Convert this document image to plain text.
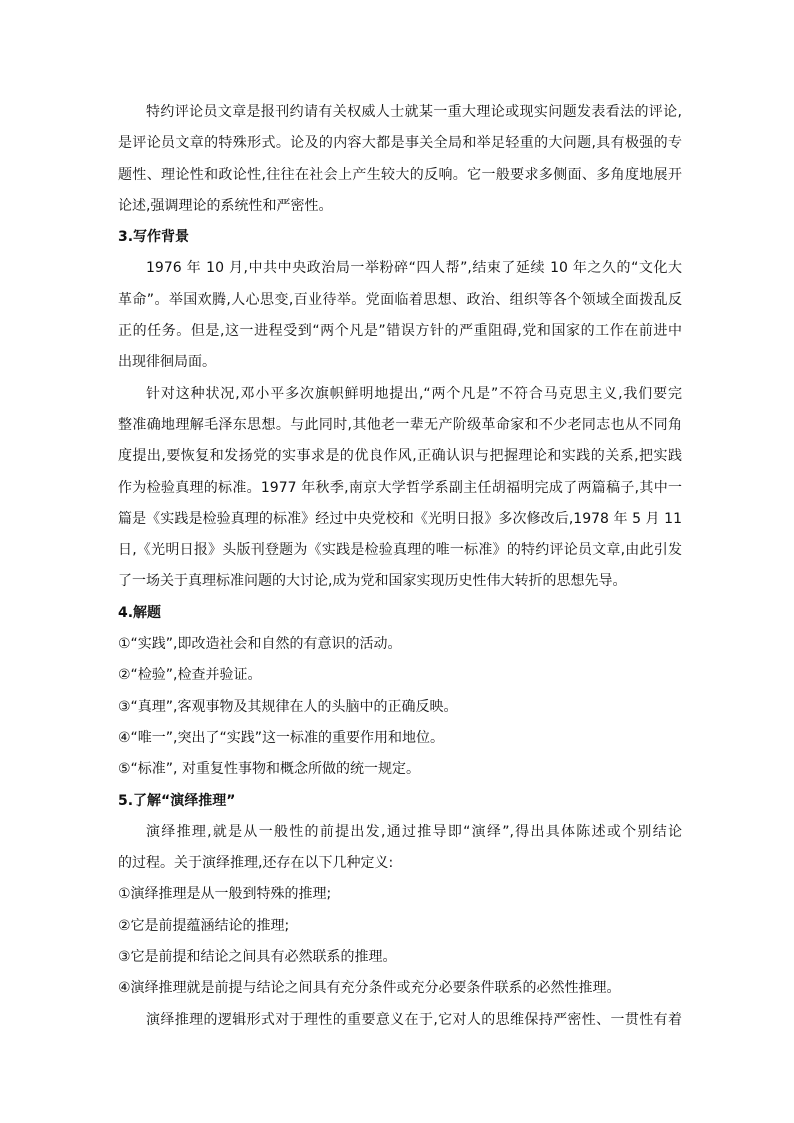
特约评论员文章是报刊约请有关权威人士就某一重大理论或现实问题发表看法的评论,
是评论员文章的特殊形式。论及的内容大都是事关全局和举足轻重的大问题,具有极强的专
题性、理论性和政论性,往往在社会上产生较大的反响。它一般要求多侧面、多角度地展开
论述,强调理论的系统性和严密性。
3.写作背景
1976 年 10 月,中共中央政治局一举粉碎“四人帮”,结束了延续 10 年之久的“文化大
革命”。举国欢腾,人心思变,百业待举。党面临着思想、政治、组织等各个领域全面拨乱反
正的任务。但是,这一进程受到“两个凡是”错误方针的严重阻碍,党和国家的工作在前进中
出现徘徊局面。
针对这种状况,邓小平多次旗帜鲜明地提出,“两个凡是”不符合马克思主义,我们要完
整准确地理解毛泽东思想。与此同时,其他老一辈无产阶级革命家和不少老同志也从不同角
度提出,要恢复和发扬党的实事求是的优良作风,正确认识与把握理论和实践的关系,把实践
作为检验真理的标准。1977 年秋季,南京大学哲学系副主任胡福明完成了两篇稿子,其中一
篇是《实践是检验真理的标准》经过中央党校和《光明日报》多次修改后,1978 年 5 月 11
日,《光明日报》头版刊登题为《实践是检验真理的唯一标准》的特约评论员文章,由此引发
了一场关于真理标准问题的大讨论,成为党和国家实现历史性伟大转折的思想先导。
4.解题
①“实践”,即改造社会和自然的有意识的活动。
②“检验”,检查并验证。
③“真理”,客观事物及其规律在人的头脑中的正确反映。
④“唯一”,突出了“实践”这一标准的重要作用和地位。
⑤“标准”, 对重复性事物和概念所做的统一规定。
5.了解“演绎推理”
演绎推理,就是从一般性的前提出发,通过推导即“演绎”,得出具体陈述或个别结论
的过程。关于演绎推理,还存在以下几种定义:
①演绎推理是从一般到特殊的推理;
②它是前提蕴涵结论的推理;
③它是前提和结论之间具有必然联系的推理。
④演绎推理就是前提与结论之间具有充分条件或充分必要条件联系的必然性推理。
演绎推理的逻辑形式对于理性的重要意义在于,它对人的思维保持严密性、一贯性有着
